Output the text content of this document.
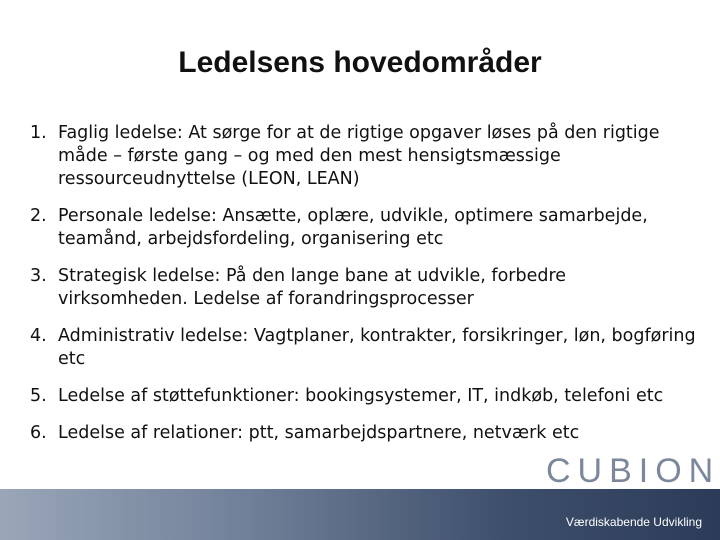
Ledelsens hovedområder
1. Faglig ledelse: At sørge for at de rigtige opgaver løses på den rigtige måde – første gang – og med den mest hensigtsmæssige ressourceudnyttelse (LEON, LEAN)
2. Personale ledelse: Ansætte, oplære, udvikle, optimere samarbejde, teamånd, arbejdsfordeling, organisering etc
3. Strategisk ledelse: På den lange bane at udvikle, forbedre virksomheden. Ledelse af forandringsprocesser
4. Administrativ ledelse: Vagtplaner, kontrakter, forsikringer, løn, bogføring etc
5. Ledelse af støttefunktioner: bookingsystemer, IT, indkøb, telefoni etc
6. Ledelse af relationer: ptt, samarbejdspartnere, netværk etc
Værdiskabende Udvikling
CUBION
